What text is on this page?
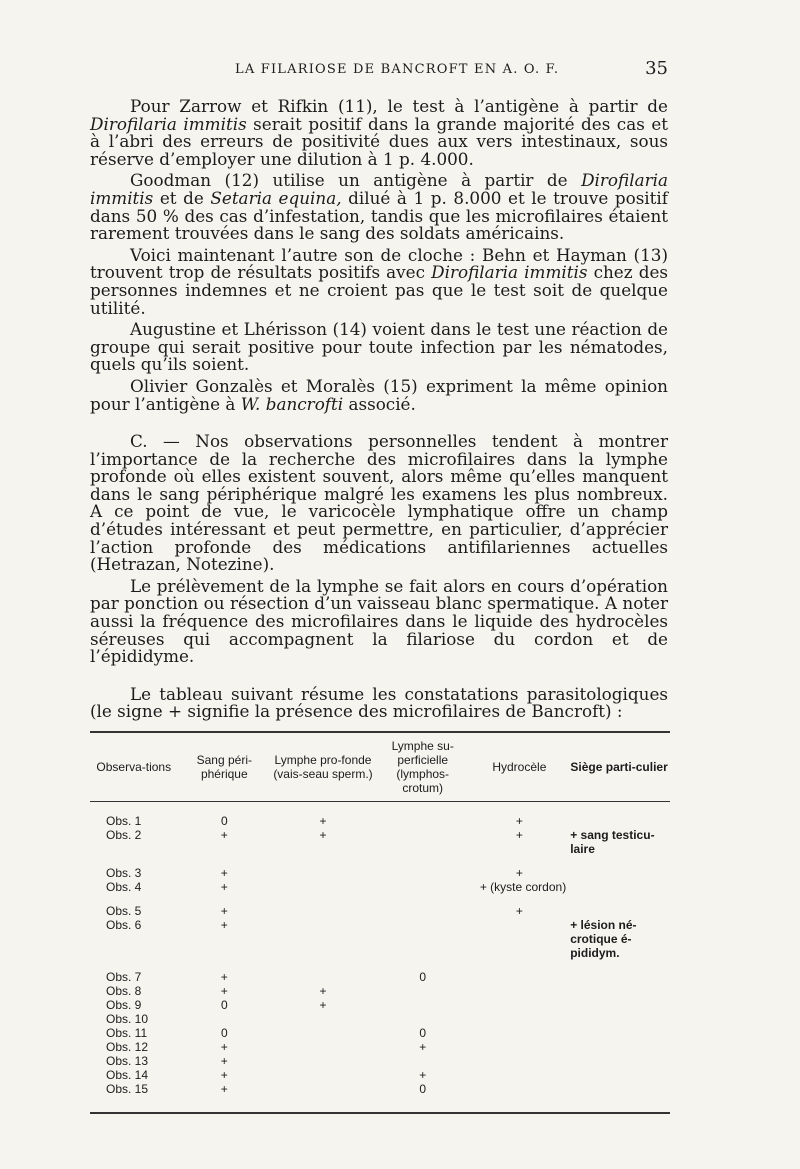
LA FILARIOSE DE BANCROFT EN A. O. F.	35

Pour Zarrow et Rifkin (11), le test à l’antigène à partir de Dirofilaria immitis serait positif dans la grande majorité des cas et à l’abri des erreurs de positivité dues aux vers intestinaux, sous réserve d’employer une dilution à 1 p. 4.000.

Goodman (12) utilise un antigène à partir de Dirofilaria immitis et de Setaria equina, dilué à 1 p. 8.000 et le trouve positif dans 50 % des cas d’infestation, tandis que les microfilaires étaient rarement trouvées dans le sang des soldats américains.

Voici maintenant l’autre son de cloche : Behn et Hayman (13) trouvent trop de résultats positifs avec Dirofilaria immitis chez des personnes indemnes et ne croient pas que le test soit de quelque utilité.

Augustine et Lhérisson (14) voient dans le test une réaction de groupe qui serait positive pour toute infection par les nématodes, quels qu’ils soient.

Olivier Gonzalès et Moralès (15) expriment la même opinion pour l’antigène à W. bancrofti associé.

C. — Nos observations personnelles tendent à montrer l’importance de la recherche des microfilaires dans la lymphe profonde où elles existent souvent, alors même qu’elles manquent dans le sang périphérique malgré les examens les plus nombreux. A ce point de vue, le varicocèle lymphatique offre un champ d’études intéressant et peut permettre, en particulier, d’apprécier l’action profonde des médications antifilariennes actuelles (Hetrazan, Notezine).

Le prélèvement de la lymphe se fait alors en cours d’opération par ponction ou résection d’un vaisseau blanc spermatique. A noter aussi la fréquence des microfilaires dans le liquide des hydrocèles séreuses qui accompagnent la filariose du cordon et de l’épididyme.

Le tableau suivant résume les constatations parasitologiques (le signe + signifie la présence des microfilaires de Bancroft) :

Observa-tions	Sang péri-phérique	Lymphe pro-fonde (vais-seau sperm.)	Lymphe su-perficielle (lymphos-crotum)	Hydrocèle	Siège parti-culier
Obs. 1	0	+		+	
Obs. 2	+	+		+	+ sang testicu-laire

Obs. 3	+			+	
Obs. 4	+			+ (kyste cordon)	

Obs. 5	+			+	
Obs. 6	+				+ lésion né-crotique é-pididym.

Obs. 7	+		0		
Obs. 8	+	+			
Obs. 9	0	+			
Obs. 10					
Obs. 11	0		0		
Obs. 12	+		+		
Obs. 13	+				
Obs. 14	+		+		
Obs. 15	+		0		
